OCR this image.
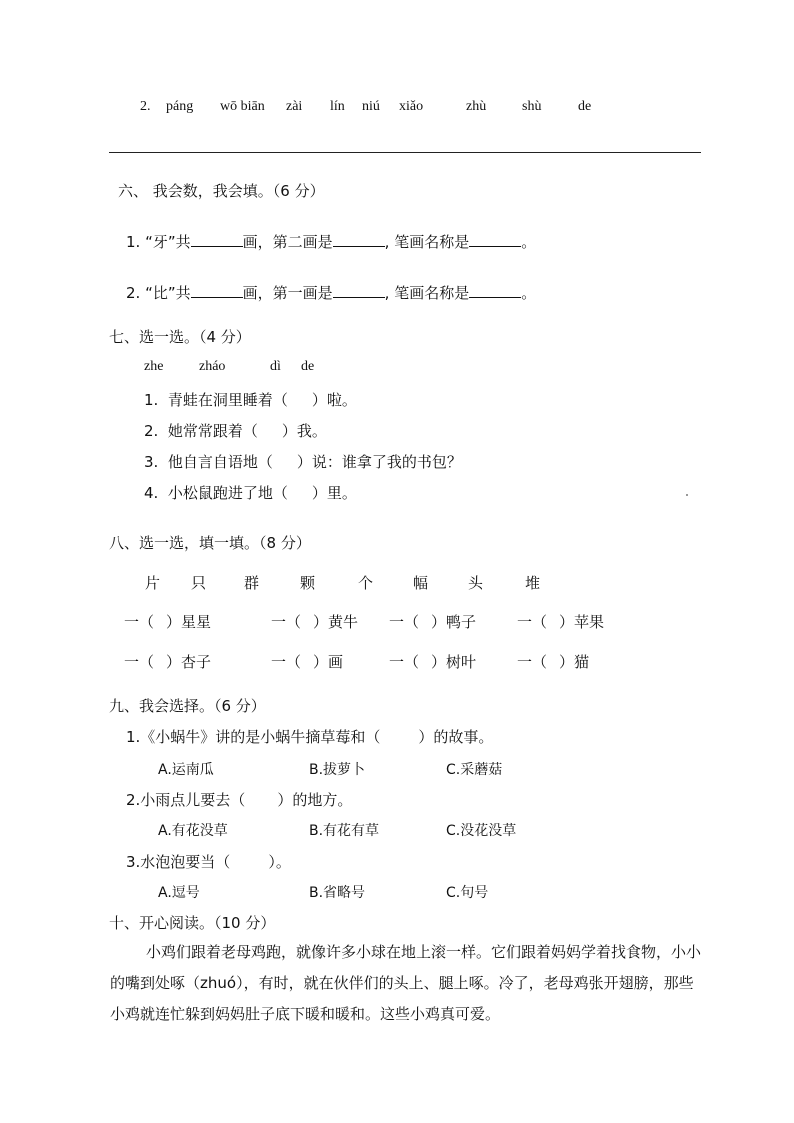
2. páng wō biān zài lín niú xiǎo	zhù	shù	de
六、 我会数，我会填。（6 分）
1. “牙”共	画，第二画是	, 笔画名称是	。
2. “比”共	画，第一画是	, 笔画名称是	。
七、选一选。（4 分）
zhe	zháo	dì de
1. 青蛙在洞里睡着（ ）啦。
2. 她常常跟着（ ）我。
3. 他自言自语地（ ）说：谁拿了我的书包？
4. 小松鼠跑进了地（ ）里。
八、选一选，填一填。（8 分）
片 只	群	颗	个	幅	头	堆
一（ ）星星	一（ ）黄牛 一（ ）鸭子	一（ ）苹果
一（ ）杏子	一（ ）画	一（ ）树叶	一（ ）猫
九、我会选择。（6 分）
1.《小蜗牛》讲的是小蜗牛摘草莓和（	）的故事。
A.运南瓜	B.拔萝卜	C.采蘑菇
2.小雨点儿要去（ ）的地方。
A.有花没草	B.有花有草	C.没花没草
3.水泡泡要当（	）。
A.逗号	B.省略号	C.句号
十、开心阅读。（10 分）
小鸡们跟着老母鸡跑，就像许多小球在地上滚一样。它们跟着妈妈学着找食物，小小的嘴到处啄（zhuó），有时，就在伙伴们的头上、腿上啄。冷了，老母鸡张开翅膀，那些小鸡就连忙躲到妈妈肚子底下暖和暖和。这些小鸡真可爱。
